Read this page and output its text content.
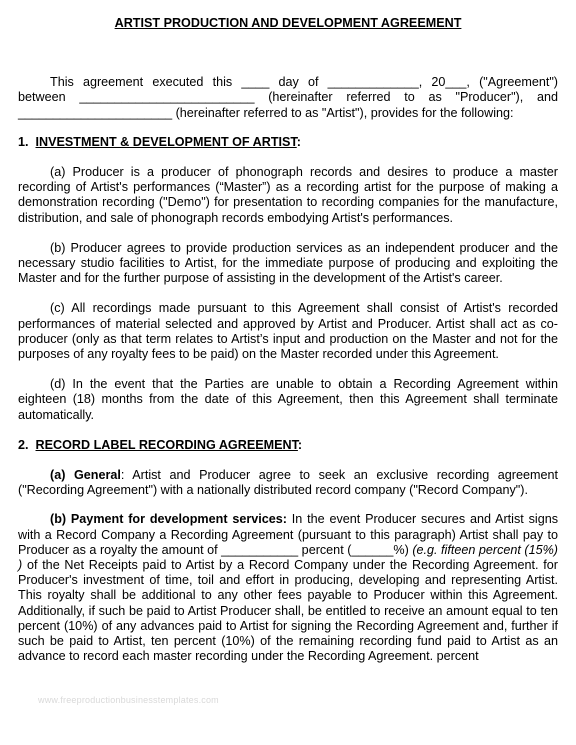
ARTIST PRODUCTION AND DEVELOPMENT AGREEMENT

This agreement executed this ____ day of _____________, 20___, ("Agreement") between _________________________ (hereinafter referred to as "Producer"), and ______________________ (hereinafter referred to as "Artist"), provides for the following:

1. INVESTMENT & DEVELOPMENT OF ARTIST:

(a) Producer is a producer of phonograph records and desires to produce a master recording of Artist's performances (“Master”) as a recording artist for the purpose of making a demonstration recording ("Demo") for presentation to recording companies for the manufacture, distribution, and sale of phonograph records embodying Artist's performances.

(b) Producer agrees to provide production services as an independent producer and the necessary studio facilities to Artist, for the immediate purpose of producing and exploiting the Master and for the further purpose of assisting in the development of the Artist's career.

(c) All recordings made pursuant to this Agreement shall consist of Artist's recorded performances of material selected and approved by Artist and Producer. Artist shall act as co-producer (only as that term relates to Artist’s input and production on the Master and not for the purposes of any royalty fees to be paid) on the Master recorded under this Agreement.

(d) In the event that the Parties are unable to obtain a Recording Agreement within eighteen (18) months from the date of this Agreement, then this Agreement shall terminate automatically.

2. RECORD LABEL RECORDING AGREEMENT:

(a) General: Artist and Producer agree to seek an exclusive recording agreement ("Recording Agreement") with a nationally distributed record company ("Record Company").

(b) Payment for development services: In the event Producer secures and Artist signs with a Record Company a Recording Agreement (pursuant to this paragraph) Artist shall pay to Producer as a royalty the amount of ___________ percent (______%) (e.g. fifteen percent (15%) ) of the Net Receipts paid to Artist by a Record Company under the Recording Agreement. for Producer's investment of time, toil and effort in producing, developing and representing Artist. This royalty shall be additional to any other fees payable to Producer within this Agreement. Additionally, if such be paid to Artist Producer shall, be entitled to receive an amount equal to ten percent (10%) of any advances paid to Artist for signing the Recording Agreement and, further if such be paid to Artist, ten percent (10%) of the remaining recording fund paid to Artist as an advance to record each master recording under the Recording Agreement. percent

www.freeproductionbusinesstemplates.com
